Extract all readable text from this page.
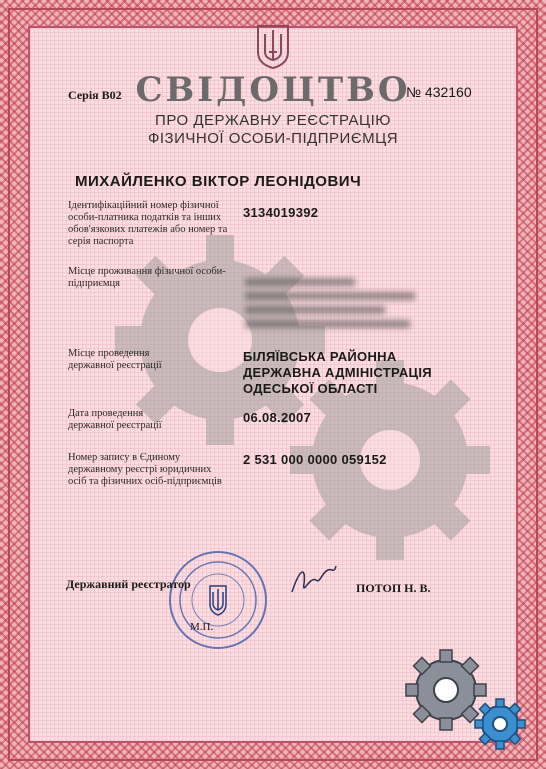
Серія В02 СВІДОЦТВО
№ 432160
ПРО ДЕРЖАВНУ РЕЄСТРАЦІЮ
ФІЗИЧНОЇ ОСОБИ-ПІДПРИЄМЦЯ
МИХАЙЛЕНКО ВІКТОР ЛЕОНІДОВИЧ
Ідентифікаційний номер фізичної особи-платника податків та інших обов'язкових платежів або номер та серія паспорта
3134019392
Місце проживання фізичної особи-підприємця
Місце проведення державної реєстрації
БІЛЯЇВСЬКА РАЙОННА
ДЕРЖАВНА АДМІНІСТРАЦІЯ
ОДЕСЬКОЇ ОБЛАСТІ
Дата проведення державної реєстрації
06.08.2007
Номер запису в Єдиному державному реєстрі юридичних осіб та фізичних осіб-підприємців
2 531 000 0000 059152
Державний реєстратор	ПОТОП Н. В.
М.П.
